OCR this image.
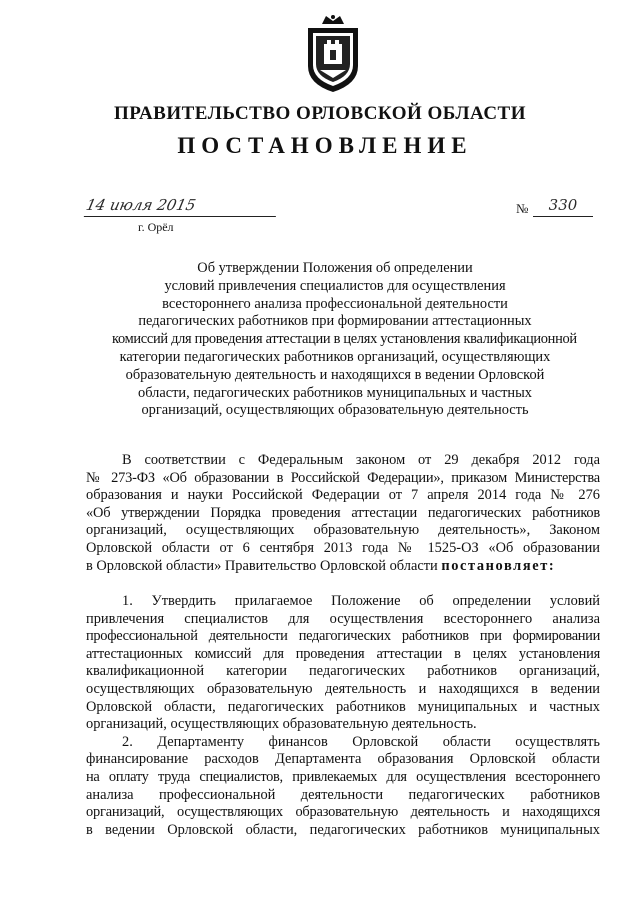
ПРАВИТЕЛЬСТВО ОРЛОВСКОЙ ОБЛАСТИ
ПОСТАНОВЛЕНИЕ
14 июля 2015
г. Орёл
№	330
Об утверждении Положения об определении
условий привлечения специалистов для осуществления
всестороннего анализа профессиональной деятельности
педагогических работников при формировании аттестационных
комиссий для проведения аттестации в целях установления квалификационной
категории педагогических работников организаций, осуществляющих
образовательную деятельность и находящихся в ведении Орловской
области, педагогических работников муниципальных и частных
организаций, осуществляющих образовательную деятельность
В соответствии с Федеральным законом от 29 декабря 2012 года
№ 273-ФЗ «Об образовании в Российской Федерации», приказом Министерства
образования и науки Российской Федерации от 7 апреля 2014 года № 276
«Об утверждении Порядка проведения аттестации педагогических работников
организаций, осуществляющих образовательную деятельность», Законом
Орловской области от 6 сентября 2013 года № 1525-ОЗ «Об образовании
в Орловской области» Правительство Орловской области постановляет:
1. Утвердить прилагаемое Положение об определении условий
привлечения специалистов для осуществления всестороннего анализа
профессиональной деятельности педагогических работников при формировании
аттестационных комиссий для проведения аттестации в целях установления
квалификационной категории педагогических работников организаций,
осуществляющих образовательную деятельность и находящихся в ведении
Орловской области, педагогических работников муниципальных и частных
организаций, осуществляющих образовательную деятельность.
2. Департаменту финансов Орловской области осуществлять
финансирование расходов Департамента образования Орловской области
на оплату труда специалистов, привлекаемых для осуществления всестороннего
анализа профессиональной деятельности педагогических работников
организаций, осуществляющих образовательную деятельность и находящихся
в ведении Орловской области, педагогических работников муниципальных
